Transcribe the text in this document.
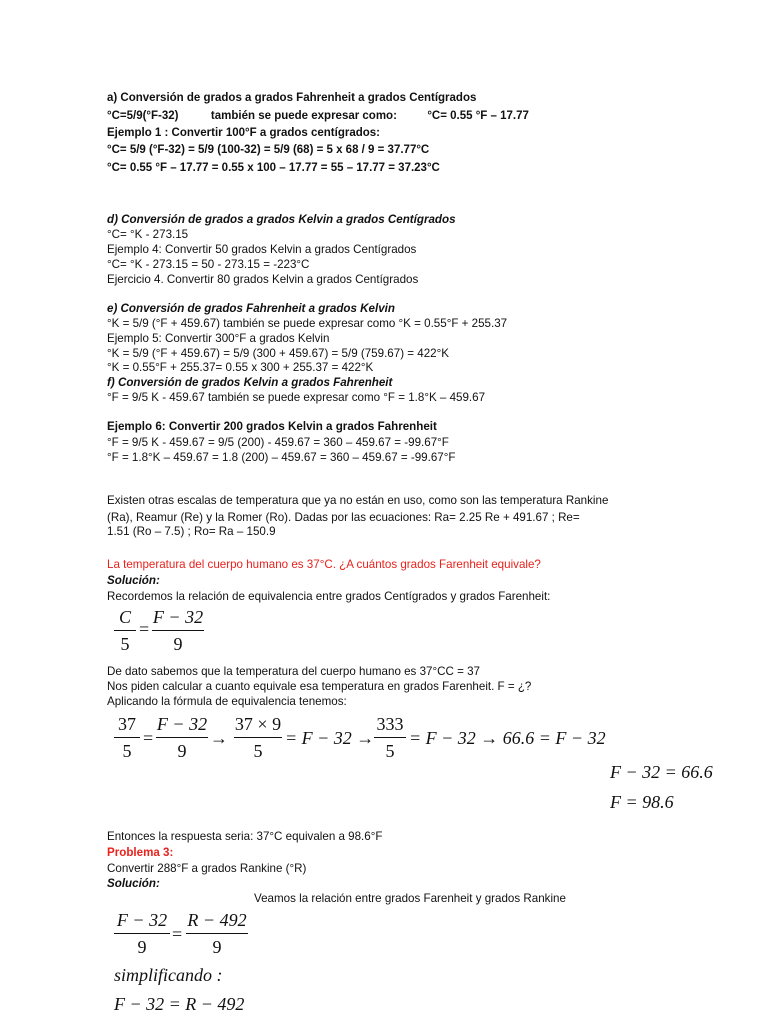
a) Conversión de grados a grados Fahrenheit a grados Centígrados
°C=5/9(°F-32)	también se puede expresar como:	°C= 0.55 °F – 17.77
Ejemplo 1 : Convertir 100°F a grados centígrados:
°C= 5/9 (°F-32) = 5/9 (100-32) = 5/9 (68) = 5 x 68 / 9 = 37.77°C
°C= 0.55 °F – 17.77 = 0.55 x 100 – 17.77 = 55 – 17.77 = 37.23°C
d) Conversión de grados a grados Kelvin a grados Centígrados
°C= °K - 273.15
Ejemplo 4: Convertir 50 grados Kelvin a grados Centígrados
°C= °K - 273.15 = 50 - 273.15 = -223°C
Ejercicio 4. Convertir 80 grados Kelvin a grados Centígrados
e) Conversión de grados Fahrenheit a grados Kelvin
°K = 5/9 (°F + 459.67) también se puede expresar como °K = 0.55°F + 255.37
Ejemplo 5: Convertir 300°F a grados Kelvin
°K = 5/9 (°F + 459.67) = 5/9 (300 + 459.67) = 5/9 (759.67) = 422°K
°K = 0.55°F + 255.37= 0.55 x 300 + 255.37 = 422°K
f) Conversión de grados Kelvin a grados Fahrenheit
°F = 9/5 K - 459.67 también se puede expresar como °F = 1.8°K – 459.67
Ejemplo 6: Convertir 200 grados Kelvin a grados Fahrenheit
°F = 9/5 K - 459.67 = 9/5 (200) - 459.67 = 360 – 459.67 = -99.67°F
°F = 1.8°K – 459.67 = 1.8 (200) – 459.67 = 360 – 459.67 = -99.67°F
Existen otras escalas de temperatura que ya no están en uso, como son las temperatura Rankine
(Ra), Reamur (Re) y la Romer (Ro). Dadas por las ecuaciones: Ra= 2.25 Re + 491.67 ; Re=
1.51 (Ro – 7.5) ; Ro= Ra – 150.9
La temperatura del cuerpo humano es 37°C. ¿A cuántos grados Farenheit equivale?
Solución:
Recordemos la relación de equivalencia entre grados Centígrados y grados Farenheit:
C
5
=
F − 32
9
De dato sabemos que la temperatura del cuerpo humano es 37°CC = 37
Nos piden calcular a cuanto equivale esa temperatura en grados Farenheit. F = ¿?
Aplicando la fórmula de equivalencia tenemos:
37
5
=
F − 32
9
→
37 × 9
5
= F − 32 →
333
5
= F − 32 → 66.6 = F − 32
F − 32 = 66.6
F = 98.6
Entonces la respuesta seria: 37°C equivalen a 98.6°F
Problema 3:
Convertir 288°F a grados Rankine (°R)
Solución:
Veamos la relación entre grados Farenheit y grados Rankine
F − 32
9
=
R − 492
9
simplificando :
F − 32 = R − 492
